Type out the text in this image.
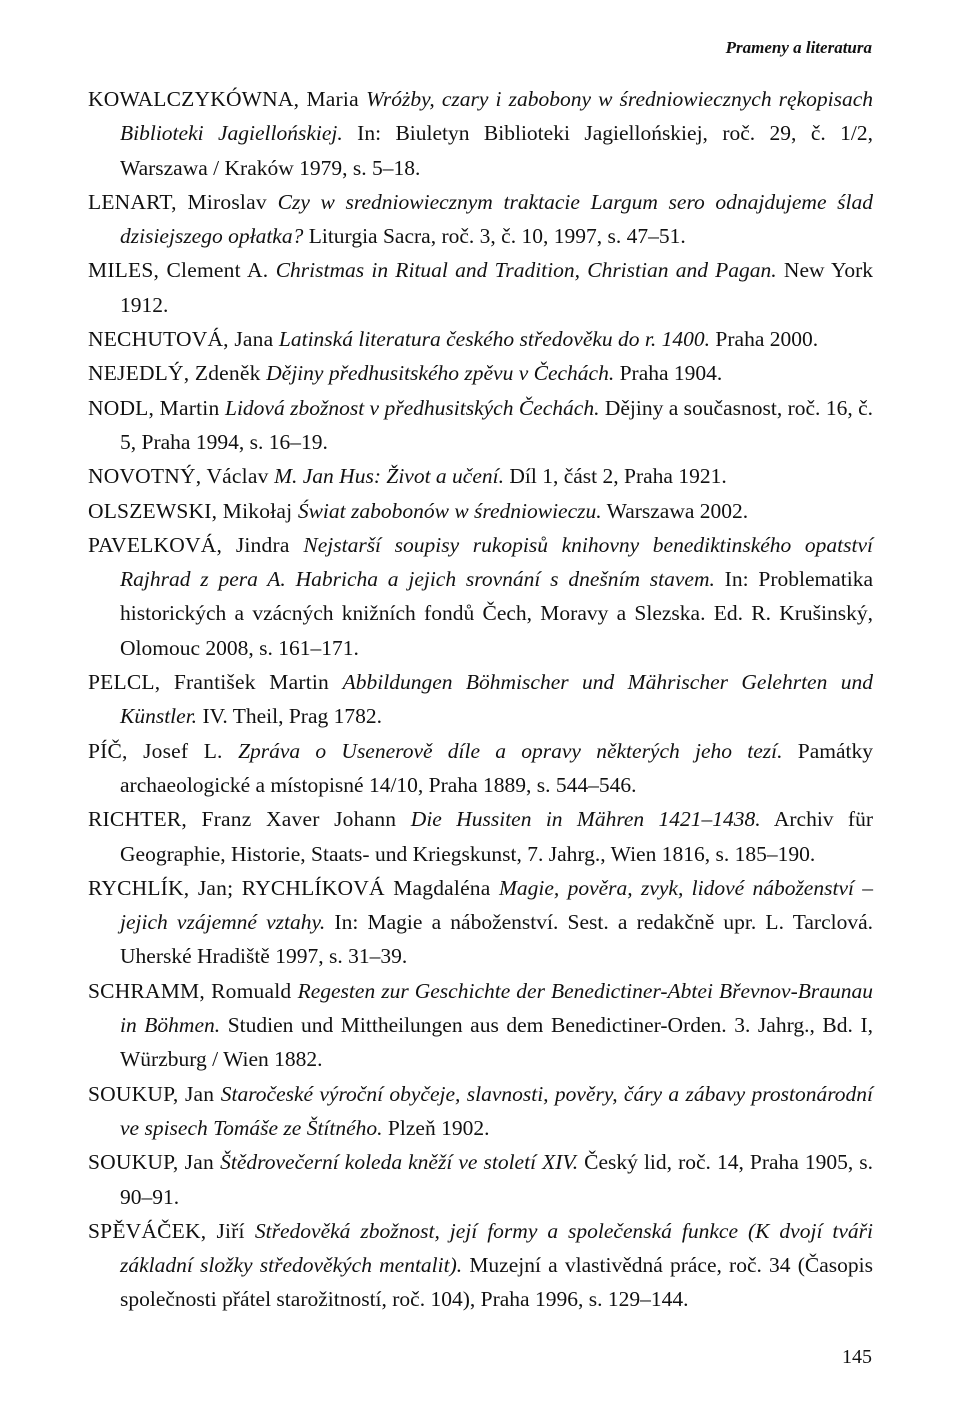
Prameny a literatura

KOWALCZYKÓWNA, Maria Wróżby, czary i zabobony w średniowiecznych rękopisach Biblioteki Jagiellońskiej. In: Biuletyn Biblioteki Jagiellońskiej, roč. 29, č. 1/2, Warszawa / Kraków 1979, s. 5–18.

LENART, Miroslav Czy w sredniowiecznym traktacie Largum sero odnajdujeme ślad dzisiejszego opłatka? Liturgia Sacra, roč. 3, č. 10, 1997, s. 47–51.

MILES, Clement A. Christmas in Ritual and Tradition, Christian and Pagan. New York 1912.

NECHUTOVÁ, Jana Latinská literatura českého středověku do r. 1400. Praha 2000.

NEJEDLÝ, Zdeněk Dějiny předhusitského zpěvu v Čechách. Praha 1904.

NODL, Martin Lidová zbožnost v předhusitských Čechách. Dějiny a současnost, roč. 16, č. 5, Praha 1994, s. 16–19.

NOVOTNÝ, Václav M. Jan Hus: Život a učení. Díl 1, část 2, Praha 1921.

OLSZEWSKI, Mikołaj Świat zabobonów w średniowieczu. Warszawa 2002.

PAVELKOVÁ, Jindra Nejstarší soupisy rukopisů knihovny benediktinského opatství Rajhrad z pera A. Habricha a jejich srovnání s dnešním stavem. In: Problematika historických a vzácných knižních fondů Čech, Moravy a Slezska. Ed. R. Krušinský, Olomouc 2008, s. 161–171.

PELCL, František Martin Abbildungen Böhmischer und Mährischer Gelehrten und Künstler. IV. Theil, Prag 1782.

PÍČ, Josef L. Zpráva o Usenerově díle a opravy některých jeho tezí. Památky archaeologické a místopisné 14/10, Praha 1889, s. 544–546.

RICHTER, Franz Xaver Johann Die Hussiten in Mähren 1421–1438. Archiv für Geographie, Historie, Staats- und Kriegskunst, 7. Jahrg., Wien 1816, s. 185–190.

RYCHLÍK, Jan; RYCHLÍKOVÁ Magdaléna Magie, pověra, zvyk, lidové náboženství – jejich vzájemné vztahy. In: Magie a náboženství. Sest. a redakčně upr. L. Tarclová. Uherské Hradiště 1997, s. 31–39.

SCHRAMM, Romuald Regesten zur Geschichte der Benedictiner-Abtei Břevnov-Braunau in Böhmen. Studien und Mittheilungen aus dem Benedictiner-Orden. 3. Jahrg., Bd. I, Würzburg / Wien 1882.

SOUKUP, Jan Staročeské výroční obyčeje, slavnosti, pověry, čáry a zábavy prostonárodní ve spisech Tomáše ze Štítného. Plzeň 1902.

SOUKUP, Jan Štědrovečerní koleda kněží ve století XIV. Český lid, roč. 14, Praha 1905, s. 90–91.

SPĚVÁČEK, Jiří Středověká zbožnost, její formy a společenská funkce (K dvojí tváři základní složky středověkých mentalit). Muzejní a vlastivědná práce, roč. 34 (Časopis společnosti přátel starožitností, roč. 104), Praha 1996, s. 129–144.

145
